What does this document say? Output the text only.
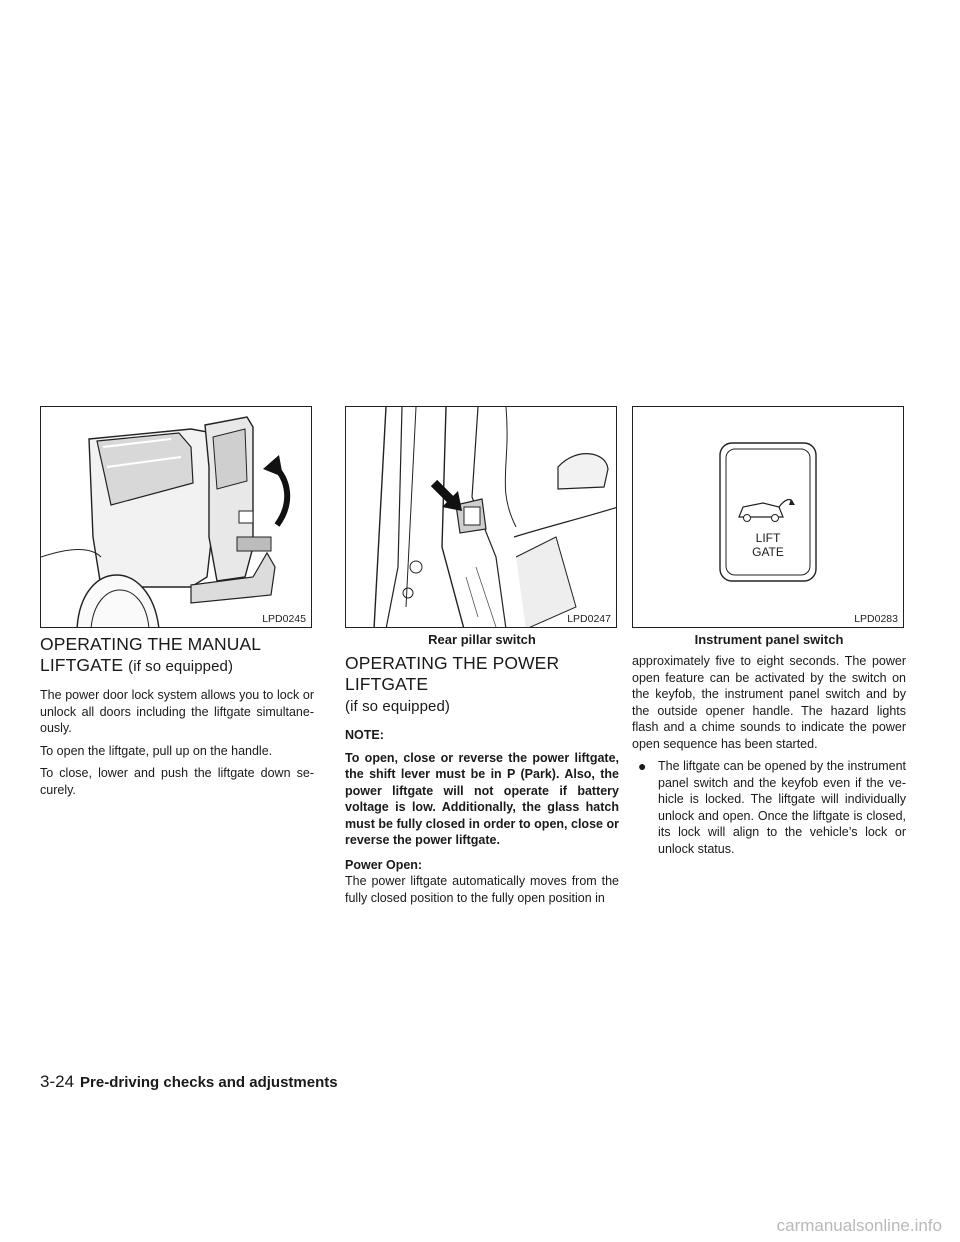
LPD0245
OPERATING THE MANUAL LIFTGATE (if so equipped)

The power door lock system allows you to lock or unlock all doors including the liftgate simultane- ously.

To open the liftgate, pull up on the handle.

To close, lower and push the liftgate down se- curely.

LPD0247
Rear pillar switch
OPERATING THE POWER LIFTGATE
(if so equipped)

NOTE:

To open, close or reverse the power liftgate, the shift lever must be in P (Park). Also, the power liftgate will not operate if battery voltage is low. Additionally, the glass hatch must be fully closed in order to open, close or reverse the power liftgate.

Power Open:

The power liftgate automatically moves from the fully closed position to the fully open position in

LIFT
GATE
LPD0283
Instrument panel switch

approximately five to eight seconds. The power open feature can be activated by the switch on the keyfob, the instrument panel switch and by the outside opener handle. The hazard lights flash and a chime sounds to indicate the power open sequence has been started.

● The liftgate can be opened by the instrument panel switch and the keyfob even if the ve- hicle is locked. The liftgate will individually unlock and open. Once the liftgate is closed, its lock will align to the vehicle’s lock or unlock status.
3-24 Pre-driving checks and adjustments
carmanualsonline.info
